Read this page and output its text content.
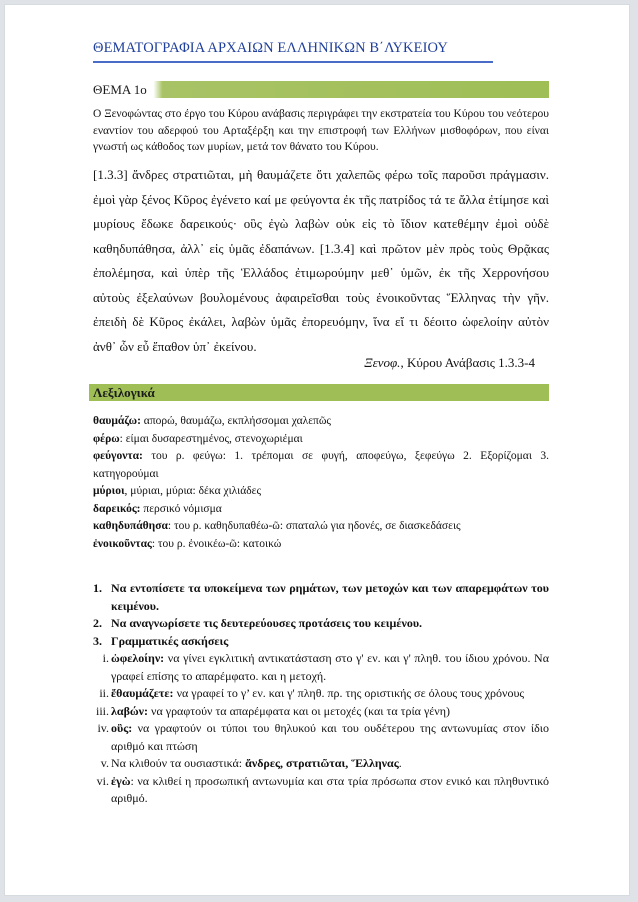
ΘΕΜΑΤΟΓΡΑΦΙΑ ΑΡΧΑΙΩΝ ΕΛΛΗΝΙΚΩΝ Β΄ΛΥΚΕΙΟΥ
ΘΕΜΑ 1ο
Ο Ξενοφώντας στο έργο του Κύρου ανάβασις περιγράφει την εκστρατεία του Κύρου του νεότερου εναντίον του αδερφού του Αρταξέρξη και την επιστροφή των Ελλήνων μισθοφόρων, που είναι γνωστή ως κάθοδος των μυρίων, μετά τον θάνατο του Κύρου.
[1.3.3] ἄνδρες στρατιῶται, μὴ θαυμάζετε ὅτι χαλεπῶς φέρω τοῖς παροῦσι πράγμασιν. ἐμοὶ γὰρ ξένος Κῦρος ἐγένετο καί με φεύγοντα ἐκ τῆς πατρίδος τά τε ἄλλα ἐτίμησε καὶ μυρίους ἔδωκε δαρεικούς· οὓς ἐγὼ λαβὼν οὐκ εἰς τὸ ἴδιον κατεθέμην ἐμοὶ οὐδὲ καθηδυπάθησα, ἀλλ᾽ εἰς ὑμᾶς ἐδαπάνων. [1.3.4] καὶ πρῶτον μὲν πρὸς τοὺς Θρᾷκας ἐπολέμησα, καὶ ὑπὲρ τῆς Ἑλλάδος ἐτιμωρούμην μεθ᾽ ὑμῶν, ἐκ τῆς Χερρονήσου αὐτοὺς ἐξελαύνων βουλομένους ἀφαιρεῖσθαι τοὺς ἐνοικοῦντας Ἕλληνας τὴν γῆν. ἐπειδὴ δὲ Κῦρος ἐκάλει, λαβὼν ὑμᾶς ἐπορευόμην, ἵνα εἴ τι δέοιτο ὠφελοίην αὐτὸν ἀνθ᾽ ὧν εὖ ἔπαθον ὑπ᾽ ἐκείνου.
Ξενοφ., Κύρου Ανάβασις 1.3.3-4
Λεξιλογικά
θαυμάζω: απορώ, θαυμάζω, εκπλήσσομαι χαλεπῶς
φέρω: είμαι δυσαρεστημένος, στενοχωριέμαι
φεύγοντα: του ρ. φεύγω: 1. τρέπομαι σε φυγή, αποφεύγω, ξεφεύγω 2. Εξορίζομαι 3. κατηγορούμαι
μύριοι, μύριαι, μύρια: δέκα χιλιάδες
δαρεικός: περσικό νόμισμα
καθηδυπάθησα: του ρ. καθηδυπαθέω-ῶ: σπαταλώ για ηδονές, σε διασκεδάσεις
ἐνοικοῦντας: του ρ. ἐνοικέω-ῶ: κατοικώ
1. Να εντοπίσετε τα υποκείμενα των ρημάτων, των μετοχών και των απαρεμφάτων του κειμένου.
2. Να αναγνωρίσετε τις δευτερεύουσες προτάσεις του κειμένου.
3. Γραμματικές ασκήσεις
i. ὠφελοίην: να γίνει εγκλιτική αντικατάσταση στο γ' εν. και γ' πληθ. του ίδιου χρόνου. Να γραφεί επίσης το απαρέμφατο. και η μετοχή.
ii. ἔθαυμάζετε: να γραφεί το γ’ εν. και γ' πληθ. πρ. της οριστικής σε όλους τους χρόνους
iii. λαβών: να γραφτούν τα απαρέμφατα και οι μετοχές (και τα τρία γένη)
iv. οὓς: να γραφτούν οι τύποι του θηλυκού και του ουδέτερου της αντωνυμίας στον ίδιο αριθμό και πτώση
v. Να κλιθούν τα ουσιαστικά: ἄνδρες, στρατιῶται, Ἕλληνας.
vi. ἐγὼ: να κλιθεί η προσωπική αντωνυμία και στα τρία πρόσωπα στον ενικό και πληθυντικό αριθμό.
